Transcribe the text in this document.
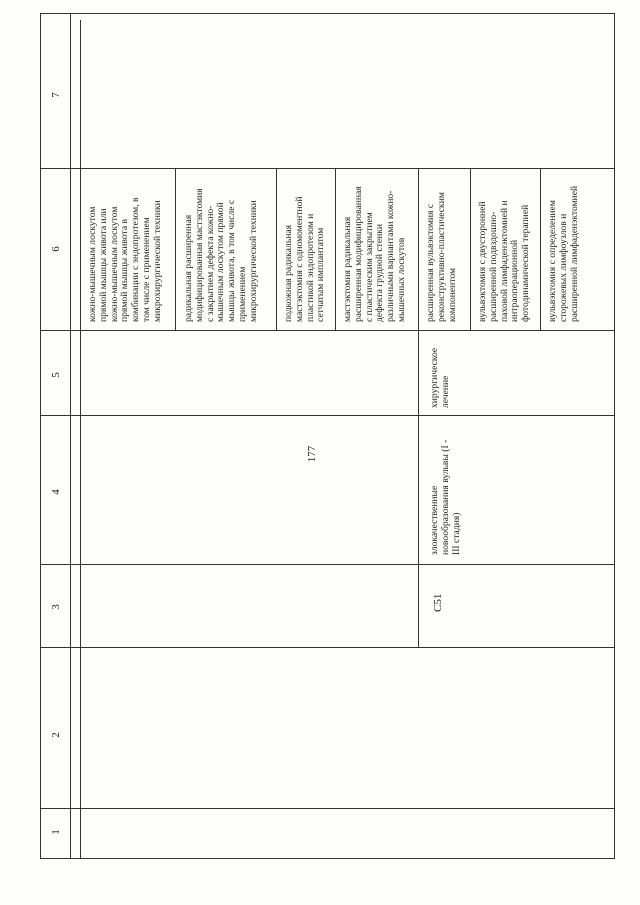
1
2
3
4
5
6
7
C51
злокачественные новообразования вульвы (I - III стадия)
хирургическое лечение
кожно-мышечным лоскутом прямой мышцы живота или кожно-мышечным лоскутом прямой мышцы живота в комбинации с эндопротезом, в том числе с применением микрохирургической техники радикальная расширенная модифицированная мастэктомия с закрытием дефекта кожно- мышечным лоскутом прямой мышцы живота, в том числе с применением микрохирургической техники	подкожная радикальная мастэктомия с одномоментной пластикой эндопротезом и сетчатым имплантатом мастэктомия радикальная расширенная модифицированная с пластическим закрытием дефекта грудной стенки различными вариантами кожно- мышечных лоскутов расширенная вульвэктомия с реконструктивно-пластическим компонентом вульвэктомия с двусторонней расширенной подвздошно- паховой лимфаденэктомией и интраоперационной фотодинамической терапией вульвэктомия с определением сторожевых лимфоузлов и расширенной лимфаденэктомией
177
